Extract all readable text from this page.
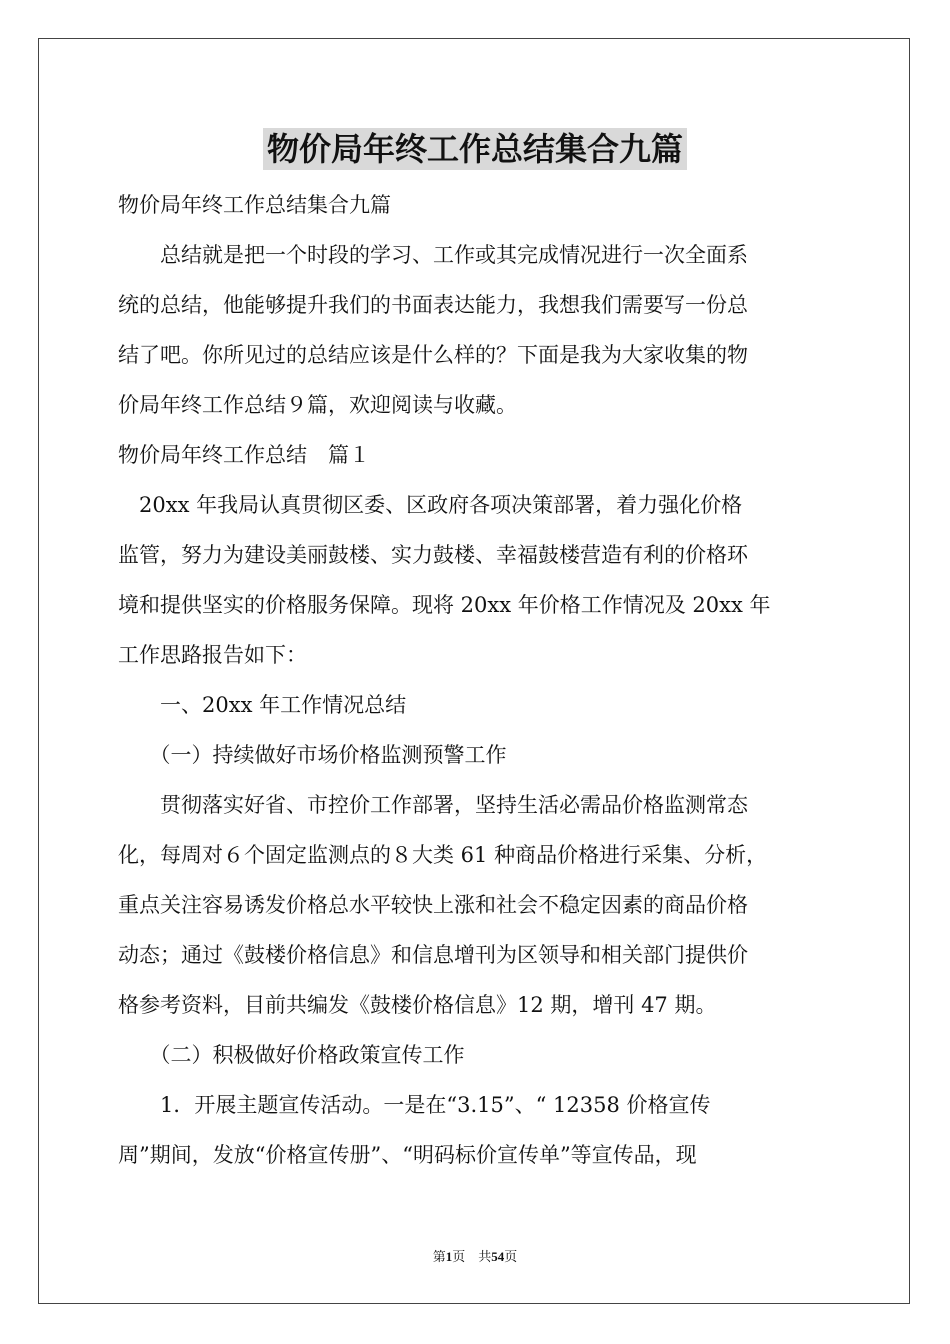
物价局年终工作总结集合九篇
物价局年终工作总结集合九篇
　　总结就是把一个时段的学习、工作或其完成情况进行一次全面系
统的总结，他能够提升我们的书面表达能力，我想我们需要写一份总
结了吧。你所见过的总结应该是什么样的？下面是我为大家收集的物
价局年终工作总结９篇，欢迎阅读与收藏。
物价局年终工作总结　篇１
　20xx 年我局认真贯彻区委、区政府各项决策部署，着力强化价格
监管，努力为建设美丽鼓楼、实力鼓楼、幸福鼓楼营造有利的价格环
境和提供坚实的价格服务保障。现将 20xx 年价格工作情况及 20xx 年
工作思路报告如下：
　　一、20xx 年工作情况总结
　　（一）持续做好市场价格监测预警工作
　　贯彻落实好省、市控价工作部署，坚持生活必需品价格监测常态
化，每周对６个固定监测点的８大类 61 种商品价格进行采集、分析，
重点关注容易诱发价格总水平较快上涨和社会不稳定因素的商品价格
动态；通过《鼓楼价格信息》和信息增刊为区领导和相关部门提供价
格参考资料，目前共编发《鼓楼价格信息》12 期，增刊 47 期。
　　（二）积极做好价格政策宣传工作
　　1．开展主题宣传活动。一是在“3.15”、“ 12358 价格宣传
周”期间，发放“价格宣传册”、“明码标价宣传单”等宣传品，现
第1页　共54页
